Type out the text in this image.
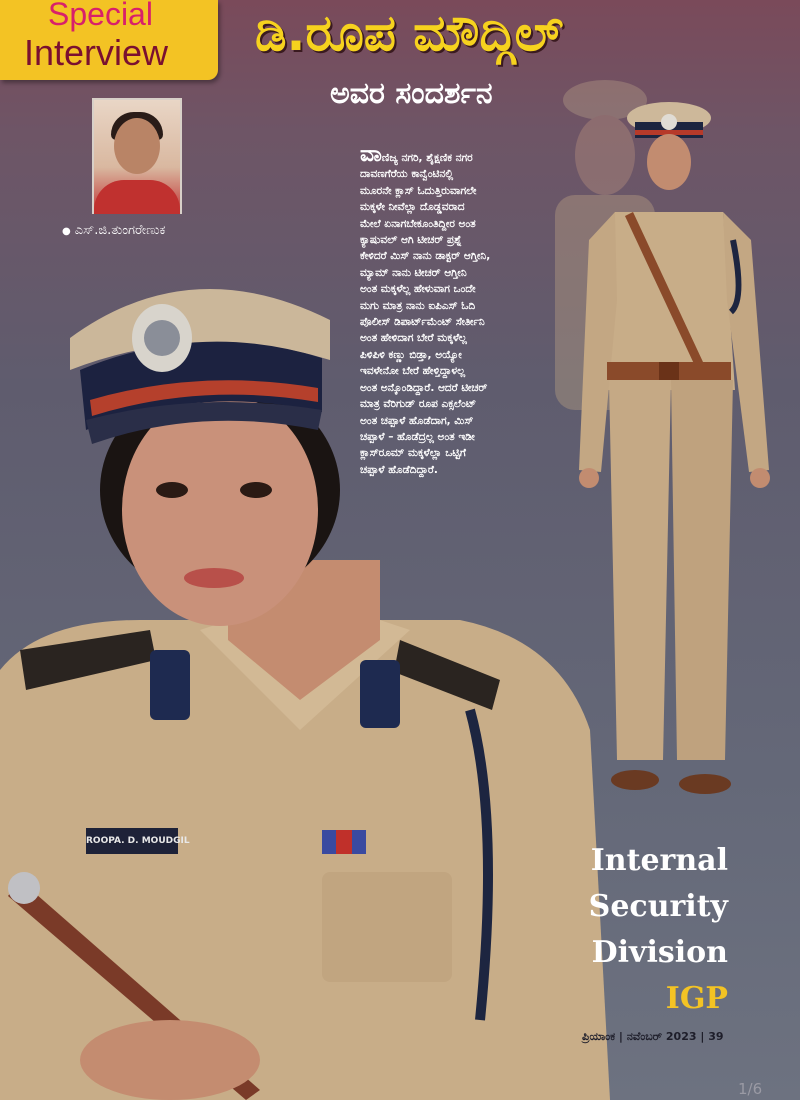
Special
Interview ಡಿ.ರೂಪ ಮೌದ್ಗಿಲ್
ಅವರ ಸಂದರ್ಶನ
● ಎಸ್.ಜಿ.ತುಂಗರೇಣುಕ
ವಾಣಿಜ್ಯ ನಗರಿ, ಶೈಕ್ಷಣಿಕ ನಗರ
ದಾವಣಗೆರೆಯ ಕಾನ್ವೆಂಟಿನಲ್ಲಿ
ಮೂರನೇ ಕ್ಲಾಸ್ ಓದುತ್ತಿರುವಾಗಲೇ
ಮಕ್ಕಳೇ ನೀವೆಲ್ಲಾ ದೊಡ್ಡವರಾದ
ಮೇಲೆ ಏನಾಗಬೇಕೂಂತಿದ್ದೀರ ಅಂತ
ಕ್ಯಾಷುವಲ್ ಆಗಿ ಟೀಚರ್ ಪ್ರಶ್ನೆ
ಕೇಳಿದರೆ ಮಿಸ್ ನಾನು ಡಾಕ್ಟರ್ ಆಗ್ತೀನಿ,
ಮ್ಯಾಮ್ ನಾನು ಟೀಚರ್ ಆಗ್ತೀನಿ
ಅಂತ ಮಕ್ಕಳೆಲ್ಲ ಹೇಳುವಾಗ ಒಂದೇ
ಮಗು ಮಾತ್ರ ನಾನು ಐಪಿಎಸ್ ಓದಿ
ಪೊಲೀಸ್ ಡಿಪಾರ್ಟ್‌ಮೆಂಟ್ ಸೇರ್ತೀನಿ
ಅಂತ ಹೇಳಿದಾಗ ಬೇರೆ ಮಕ್ಕಳೆಲ್ಲ
ಪಿಳಿಪಿಳಿ ಕಣ್ಣು ಬಿಡ್ತಾ, ಅಯ್ಯೋ
ಇವಳೇನೋ ಬೇರೆ ಹೇಳ್ತಿದ್ದಾಳಲ್ಲ
ಅಂತ ಅನ್ಕೊಂಡಿದ್ದಾರೆ. ಆದರೆ ಟೀಚರ್
ಮಾತ್ರ ವೆರಿಗುಡ್ ರೂಪ ಎಕ್ಸಲೆಂಟ್
ಅಂತ ಚಪ್ಪಾಳೆ ಹೊಡೆದಾಗ, ಮಿಸ್
ಚಪ್ಪಾಳೆ – ಹೊಡೆದ್ರಲ್ಲ ಅಂತ ಇಡೀ
ಕ್ಲಾಸ್‌ರೂಮ್ ಮಕ್ಕಳೆಲ್ಲಾ ಒಟ್ಟಿಗೆ
ಚಪ್ಪಾಳೆ ಹೊಡೆದಿದ್ದಾರೆ.
ROOPA. D. MOUDGIL
Internal
Security
Division
IGP
ಪ್ರಿಯಾಂಕ | ನವೆಂಬರ್ 2023 | 39
1/6
